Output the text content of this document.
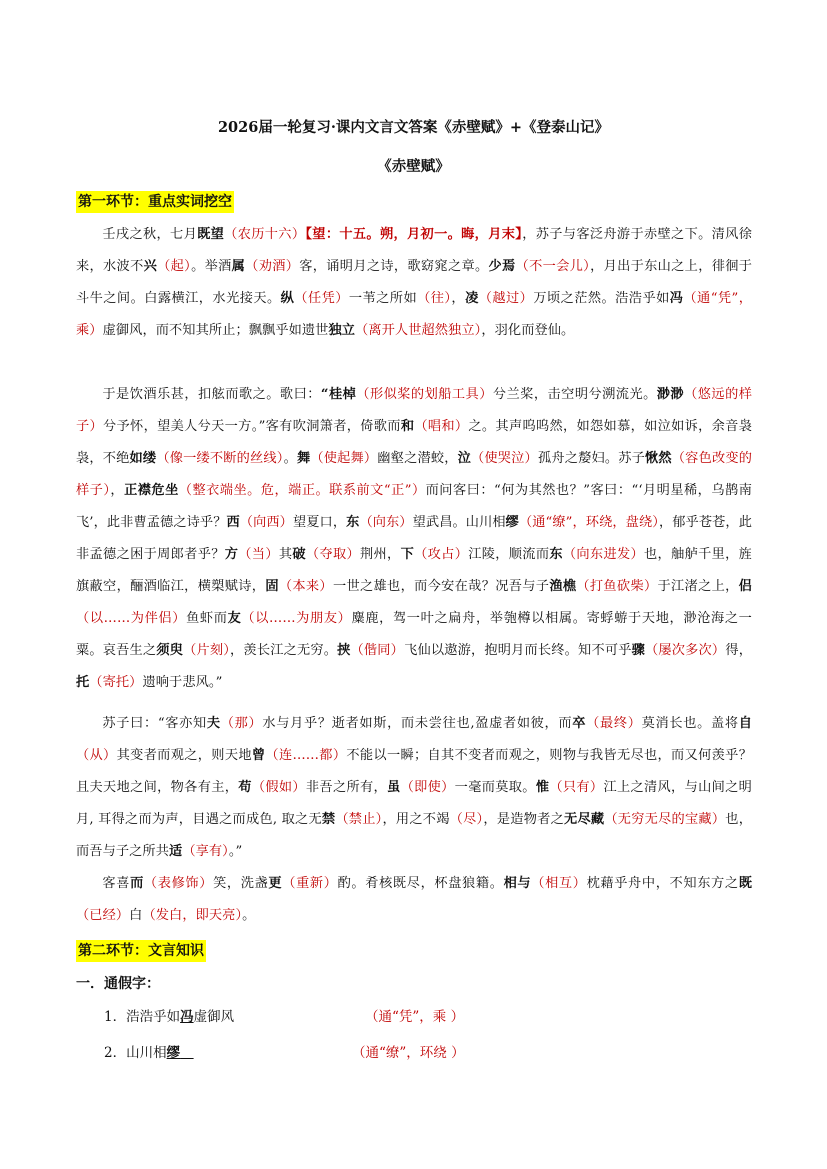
2026届一轮复习·课内文言文答案《赤壁赋》+《登泰山记》
《赤壁赋》
第一环节：重点实词挖空
壬戌之秋，七月既望（农历十六）【望：十五。朔，月初一。晦，月末】，苏子与客泛舟游于赤壁之下。清风徐来，水波不兴（起）。举酒属（劝酒）客，诵明月之诗，歌窈窕之章。少焉（不一会儿），月出于东山之上，徘徊于斗牛之间。白露横江，水光接天。纵（任凭）一苇之所如（往），凌（越过）万顷之茫然。浩浩乎如冯（通“凭”，乘）虚御风，而不知其所止；飘飘乎如遗世独立（离开人世超然独立），羽化而登仙。
于是饮酒乐甚，扣舷而歌之。歌曰：“桂棹（形似桨的划船工具）兮兰桨，击空明兮溯流光。渺渺（悠远的样子）兮予怀，望美人兮天一方。”客有吹洞箫者，倚歌而和（唱和）之。其声呜呜然，如怨如慕，如泣如诉，余音袅袅，不绝如缕（像一缕不断的丝线）。舞（使起舞）幽壑之潜蛟，泣（使哭泣）孤舟之嫠妇。苏子愀然（容色改变的样子），正襟危坐（整衣端坐。危，端正。联系前文“正”）而问客曰：“何为其然也？”客曰：“‘月明星稀，乌鹊南飞’，此非曹孟德之诗乎？西（向西）望夏口，东（向东）望武昌。山川相缪（通“缭”，环绕，盘绕），郁乎苍苍，此非孟德之困于周郎者乎？方（当）其破（夺取）荆州，下（攻占）江陵，顺流而东（向东进发）也，舳舻千里，旌旗蔽空，酾酒临江，横槊赋诗，固（本来）一世之雄也，而今安在哉？况吾与子渔樵（打鱼砍柴）于江渚之上，侣（以……为伴侣）鱼虾而友（以……为朋友）麋鹿，驾一叶之扁舟，举匏樽以相属。寄蜉蝣于天地，渺沧海之一粟。哀吾生之须臾（片刻），羡长江之无穷。挟（偕同）飞仙以遨游，抱明月而长终。知不可乎骤（屡次多次）得，托（寄托）遗响于悲风。”
苏子曰：“客亦知夫（那）水与月乎？逝者如斯，而未尝往也,盈虚者如彼，而卒（最终）莫消长也。盖将自（从）其变者而观之，则天地曾（连……都）不能以一瞬；自其不变者而观之，则物与我皆无尽也，而又何羡乎？且夫天地之间，物各有主，苟（假如）非吾之所有，虽（即使）一毫而莫取。惟（只有）江上之清风，与山间之明月, 耳得之而为声，目遇之而成色, 取之无禁（禁止），用之不竭（尽），是造物者之无尽藏（无穷无尽的宝藏）也，而吾与子之所共适（享有）。”
客喜而（表修饰）笑，洗盏更（重新）酌。肴核既尽，杯盘狼籍。相与（相互）枕藉乎舟中，不知东方之既（已经）白（发白，即天亮）。
第二环节：文言知识
一．通假字：
1．浩浩乎如冯虚御风	（通“凭”，乘 ）
2．山川相缪　	（通“缭”，环绕 ）
